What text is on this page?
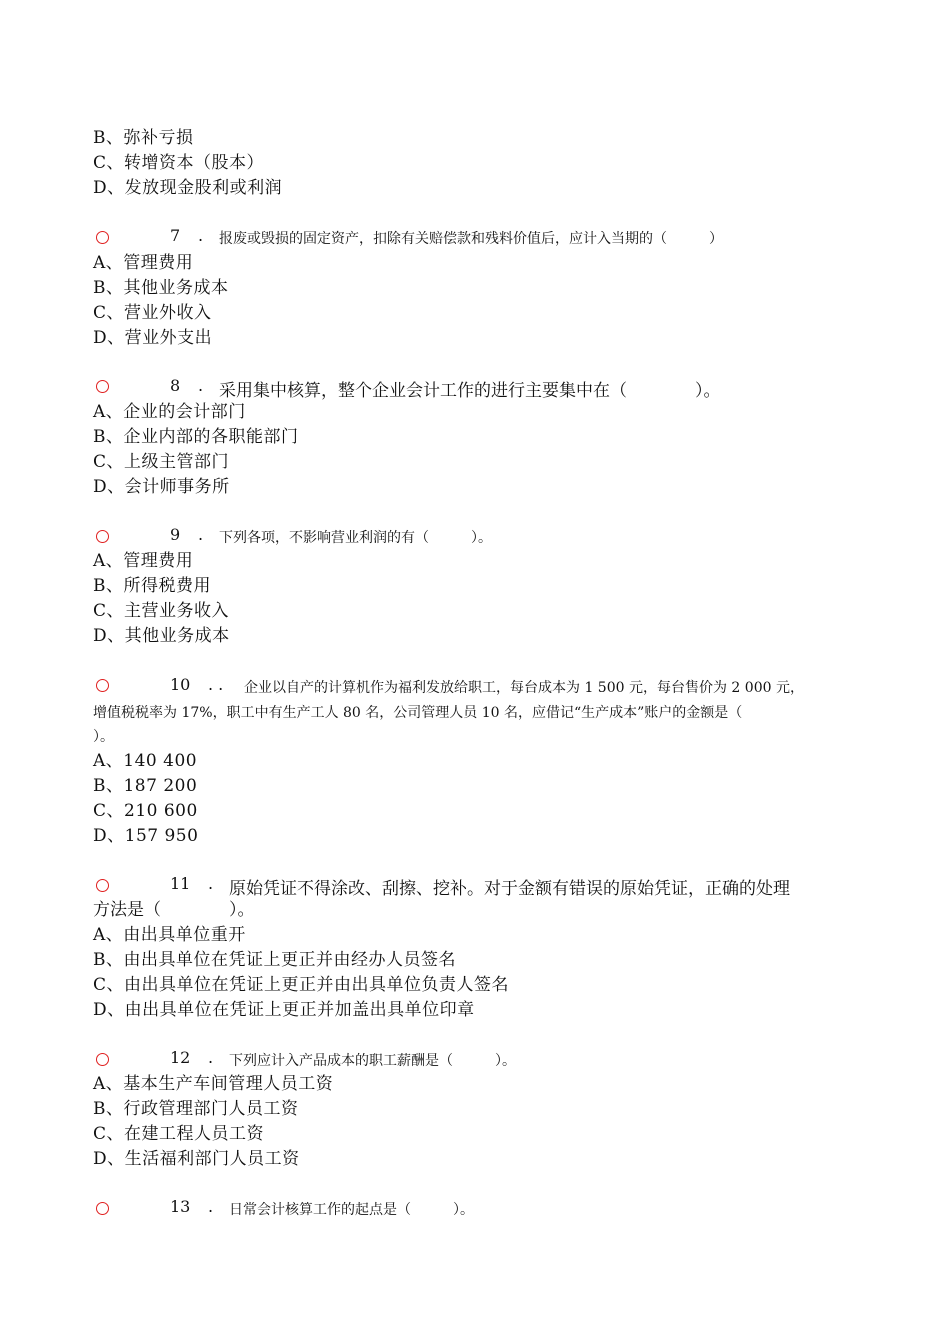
B、弥补亏损
C、转增资本（股本）
D、发放现金股利或利润
7 . 报废或毁损的固定资产，扣除有关赔偿款和残料价值后，应计入当期的（　　　）
A、管理费用
B、其他业务成本
C、营业外收入
D、营业外支出
8 . 采用集中核算，整个企业会计工作的进行主要集中在（　　　　）。
A、企业的会计部门
B、企业内部的各职能部门
C、上级主管部门
D、会计师事务所
9 . 下列各项，不影响营业利润的有（　　　）。
A、管理费用
B、所得税费用
C、主营业务收入
D、其他业务成本
10 . . 企业以自产的计算机作为福利发放给职工，每台成本为 1 500 元，每台售价为 2 000 元，
增值税税率为 17%，职工中有生产工人 80 名，公司管理人员 10 名，应借记“生产成本”账户的金额是（
）。
A、140 400
B、187 200
C、210 600
D、157 950
11 . 原始凭证不得涂改、刮擦、挖补。对于金额有错误的原始凭证，正确的处理
方法是（　　　　）。
A、由出具单位重开
B、由出具单位在凭证上更正并由经办人员签名
C、由出具单位在凭证上更正并由出具单位负责人签名
D、由出具单位在凭证上更正并加盖出具单位印章
12 . 下列应计入产品成本的职工薪酬是（　　　）。
A、基本生产车间管理人员工资
B、行政管理部门人员工资
C、在建工程人员工资
D、生活福利部门人员工资
13 . 日常会计核算工作的起点是（　　　）。
